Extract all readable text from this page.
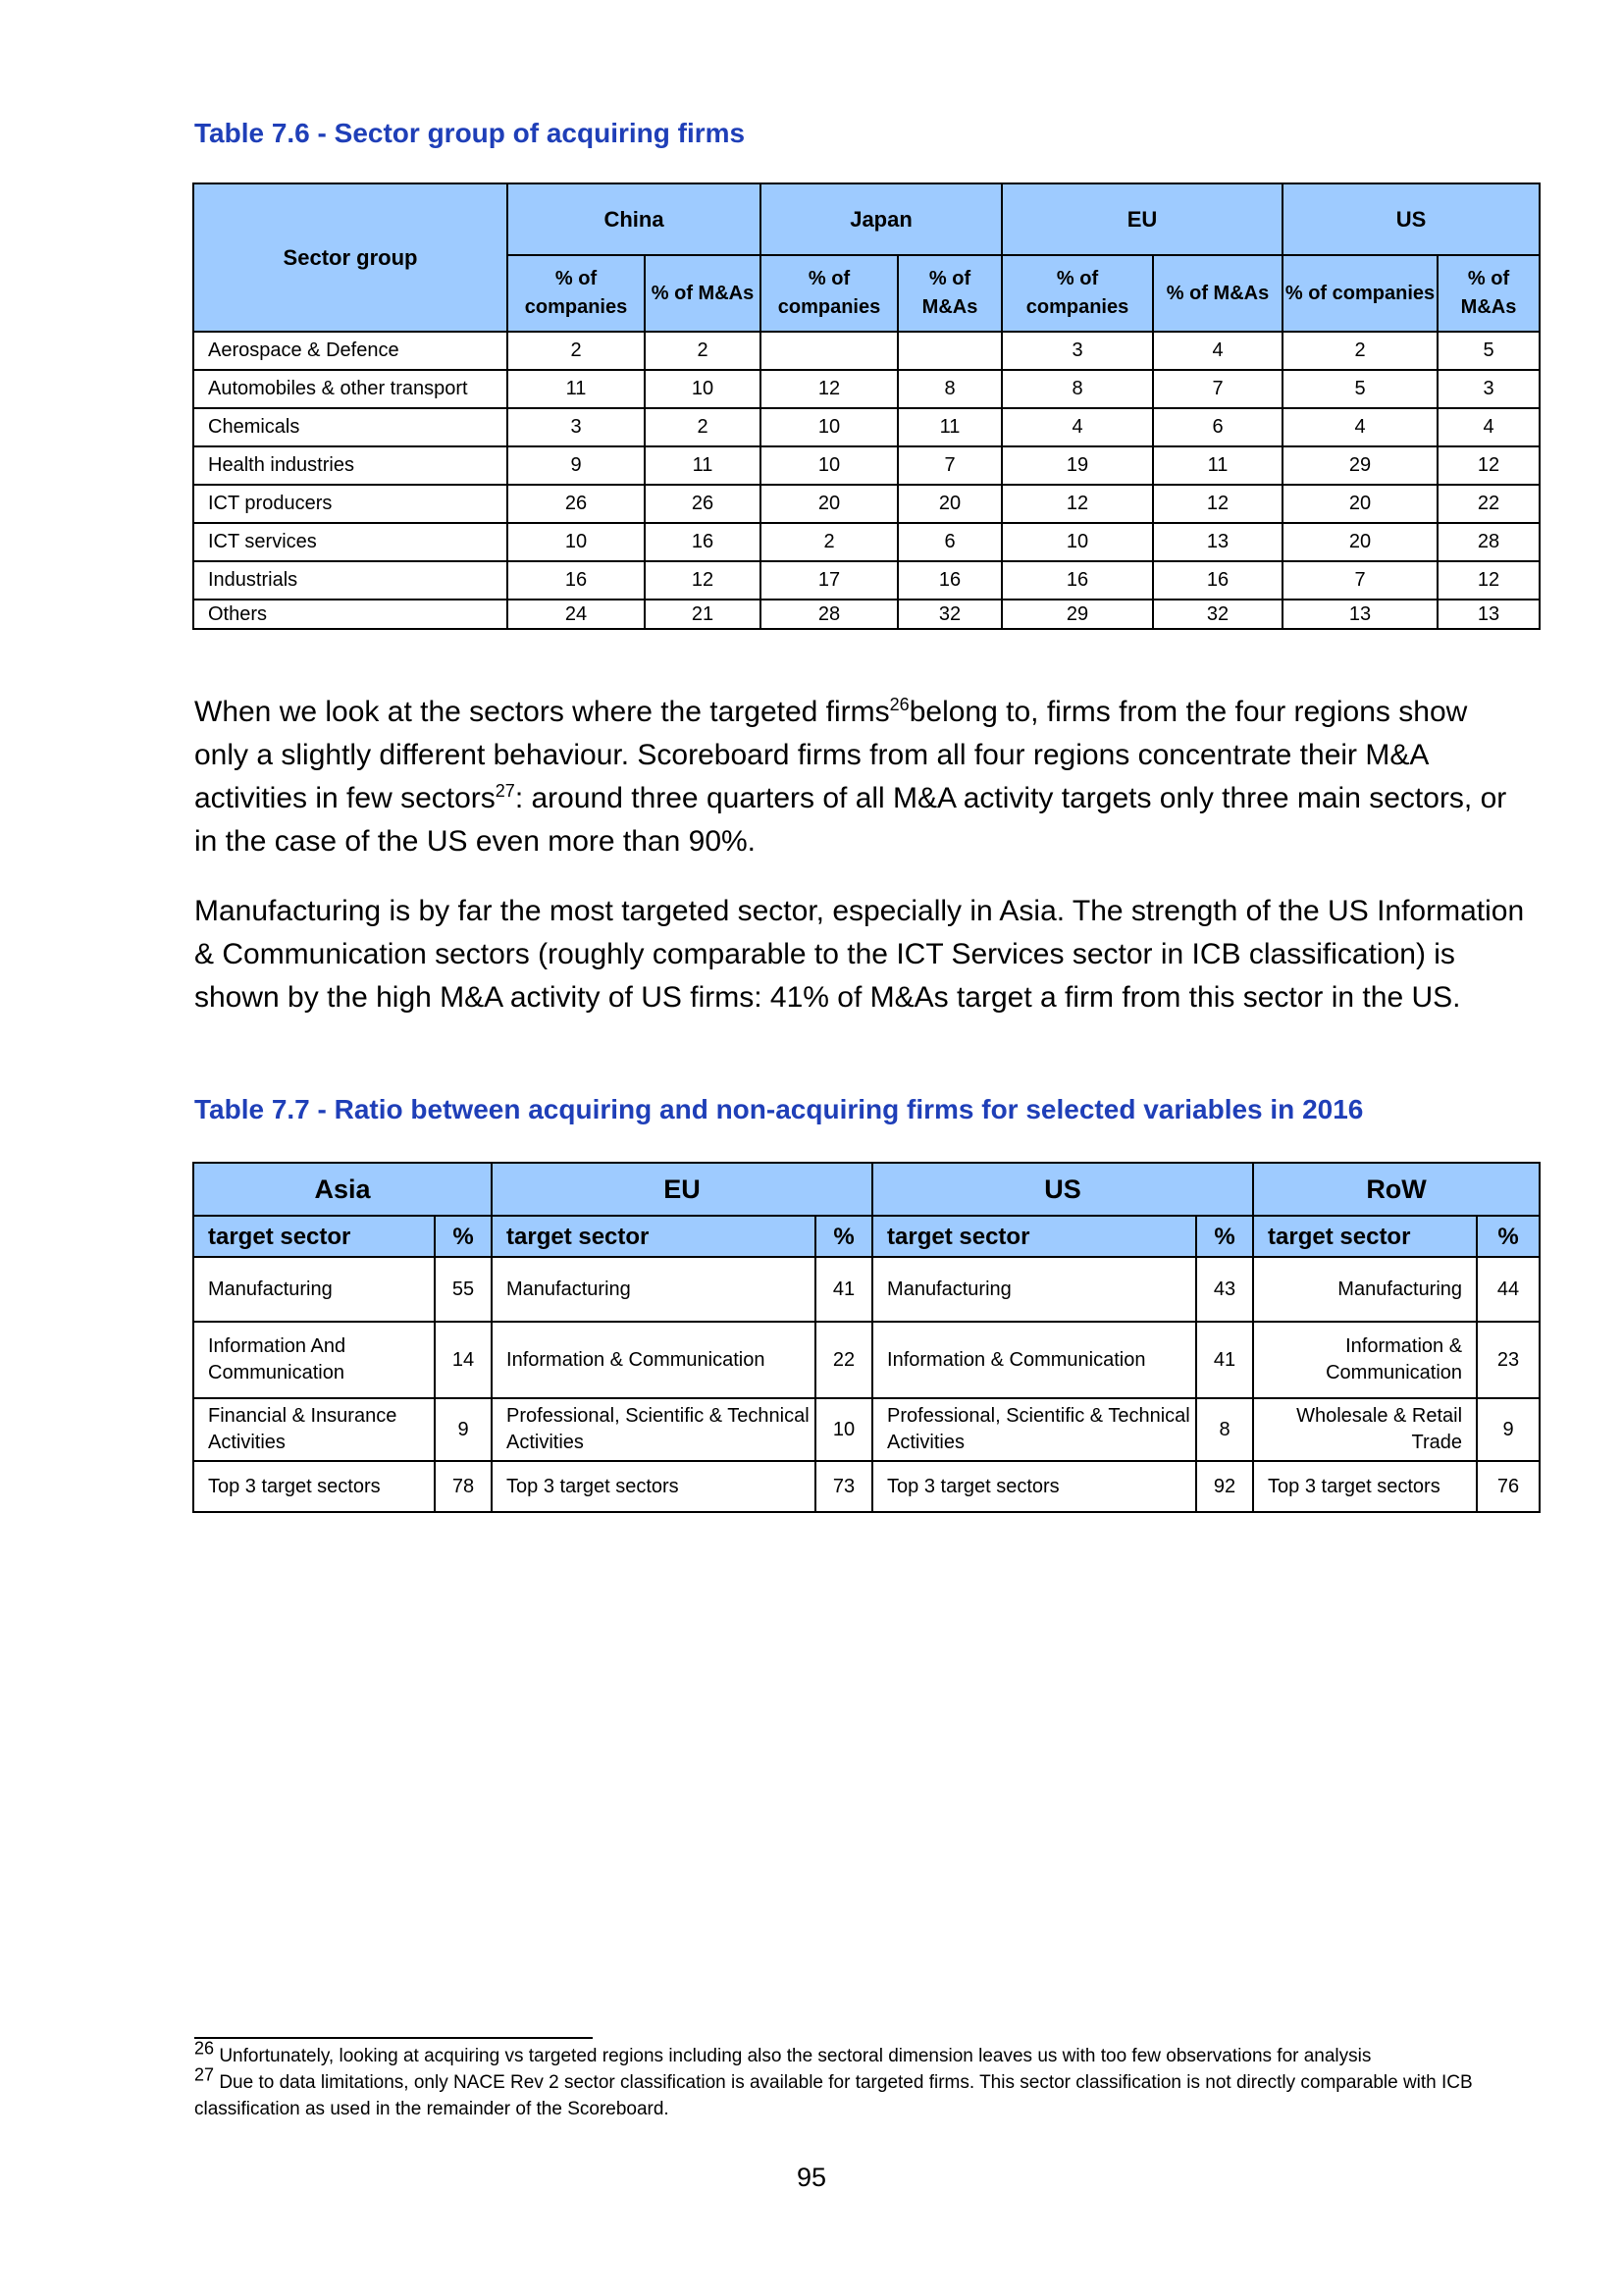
Table 7.6 - Sector group of acquiring firms
Sector group	China		Japan		EU		US	
	% of companies	% of M&As	% of companies	% of M&As	% of companies	% of M&As	% of companies	% of M&As
Aerospace & Defence	2	2			3	4	2	5
Automobiles & other transport	11	10	12	8	8	7	5	3
Chemicals	3	2	10	11	4	6	4	4
Health industries	9	11	10	7	19	11	29	12
ICT producers	26	26	20	20	12	12	20	22
ICT services	10	16	2	6	10	13	20	28
Industrials	16	12	17	16	16	16	7	12
Others	24	21	28	32	29	32	13	13
When we look at the sectors where the targeted firms$^{26}$belong to, firms from the four regions show only a slightly different behaviour. Scoreboard firms from all four regions concentrate their M&A activities in few sectors$^{27}$: around three quarters of all M&A activity targets only three main sectors, or in the case of the US even more than 90%.
Manufacturing is by far the most targeted sector, especially in Asia. The strength of the US Information & Communication sectors (roughly comparable to the ICT Services sector in ICB classification) is shown by the high M&A activity of US firms: 41% of M&As target a firm from this sector in the US.
Table 7.7 - Ratio between acquiring and non-acquiring firms for selected variables in 2016
Asia		EU		US		RoW	
target sector	%	target sector	%	target sector	%	target sector	%
Manufacturing	55	Manufacturing	41	Manufacturing	43	Manufacturing	44
Information And Communication	14	Information & Communication	22	Information & Communication	41	Information & Communication	23
Financial & Insurance Activities	9	Professional, Scientific & Technical Activities	10	Professional, Scientific & Technical Activities	8	Wholesale & Retail Trade	9
Top 3 target sectors	78	Top 3 target sectors	73	Top 3 target sectors	92	Top 3 target sectors	76
$^{26}$ Unfortunately, looking at acquiring vs targeted regions including also the sectoral dimension leaves us with too few observations for analysis
$^{27}$ Due to data limitations, only NACE Rev 2 sector classification is available for targeted firms. This sector classification is not directly comparable with ICB classification as used in the remainder of the Scoreboard.
95
